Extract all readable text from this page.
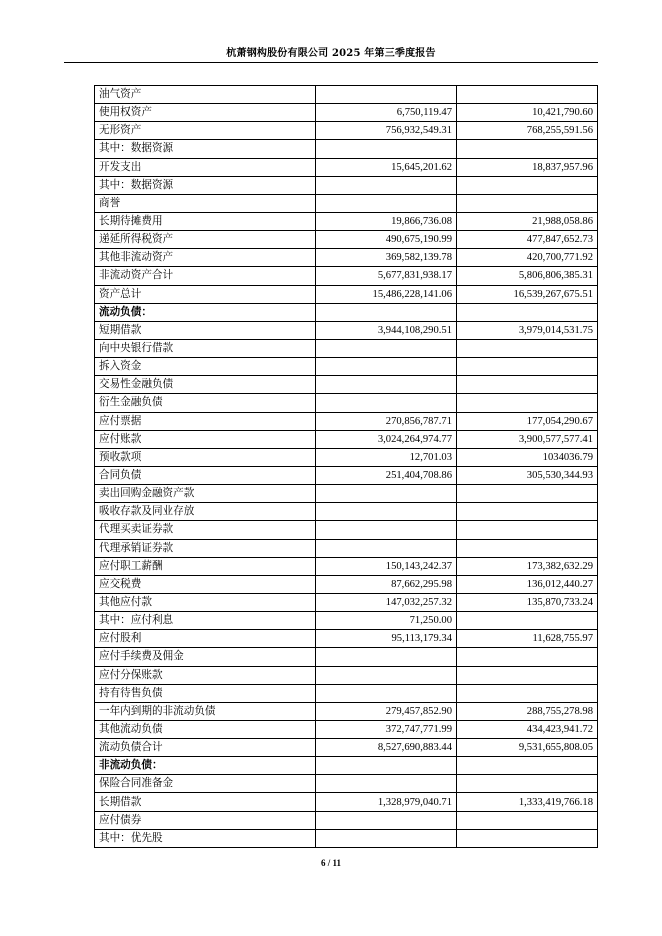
杭萧钢构股份有限公司 2025 年第三季度报告
油气资产		
使用权资产	6,750,119.47	10,421,790.60
无形资产	756,932,549.31	768,255,591.56
其中：数据资源		
开发支出	15,645,201.62	18,837,957.96
其中：数据资源		
商誉		
长期待摊费用	19,866,736.08	21,988,058.86
递延所得税资产	490,675,190.99	477,847,652.73
其他非流动资产	369,582,139.78	420,700,771.92
非流动资产合计	5,677,831,938.17	5,806,806,385.31
资产总计	15,486,228,141.06	16,539,267,675.51
流动负债：		
短期借款	3,944,108,290.51	3,979,014,531.75
向中央银行借款		
拆入资金		
交易性金融负债		
衍生金融负债		
应付票据	270,856,787.71	177,054,290.67
应付账款	3,024,264,974.77	3,900,577,577.41
预收款项	12,701.03	1034036.79
合同负债	251,404,708.86	305,530,344.93
卖出回购金融资产款		
吸收存款及同业存放		
代理买卖证券款		
代理承销证券款		
应付职工薪酬	150,143,242.37	173,382,632.29
应交税费	87,662,295.98	136,012,440.27
其他应付款	147,032,257.32	135,870,733.24
其中：应付利息	71,250.00	
应付股利	95,113,179.34	11,628,755.97
应付手续费及佣金		
应付分保账款		
持有待售负债		
一年内到期的非流动负债	279,457,852.90	288,755,278.98
其他流动负债	372,747,771.99	434,423,941.72
流动负债合计	8,527,690,883.44	9,531,655,808.05
非流动负债：		
保险合同准备金		
长期借款	1,328,979,040.71	1,333,419,766.18
应付债券		
其中：优先股		
6 / 11
